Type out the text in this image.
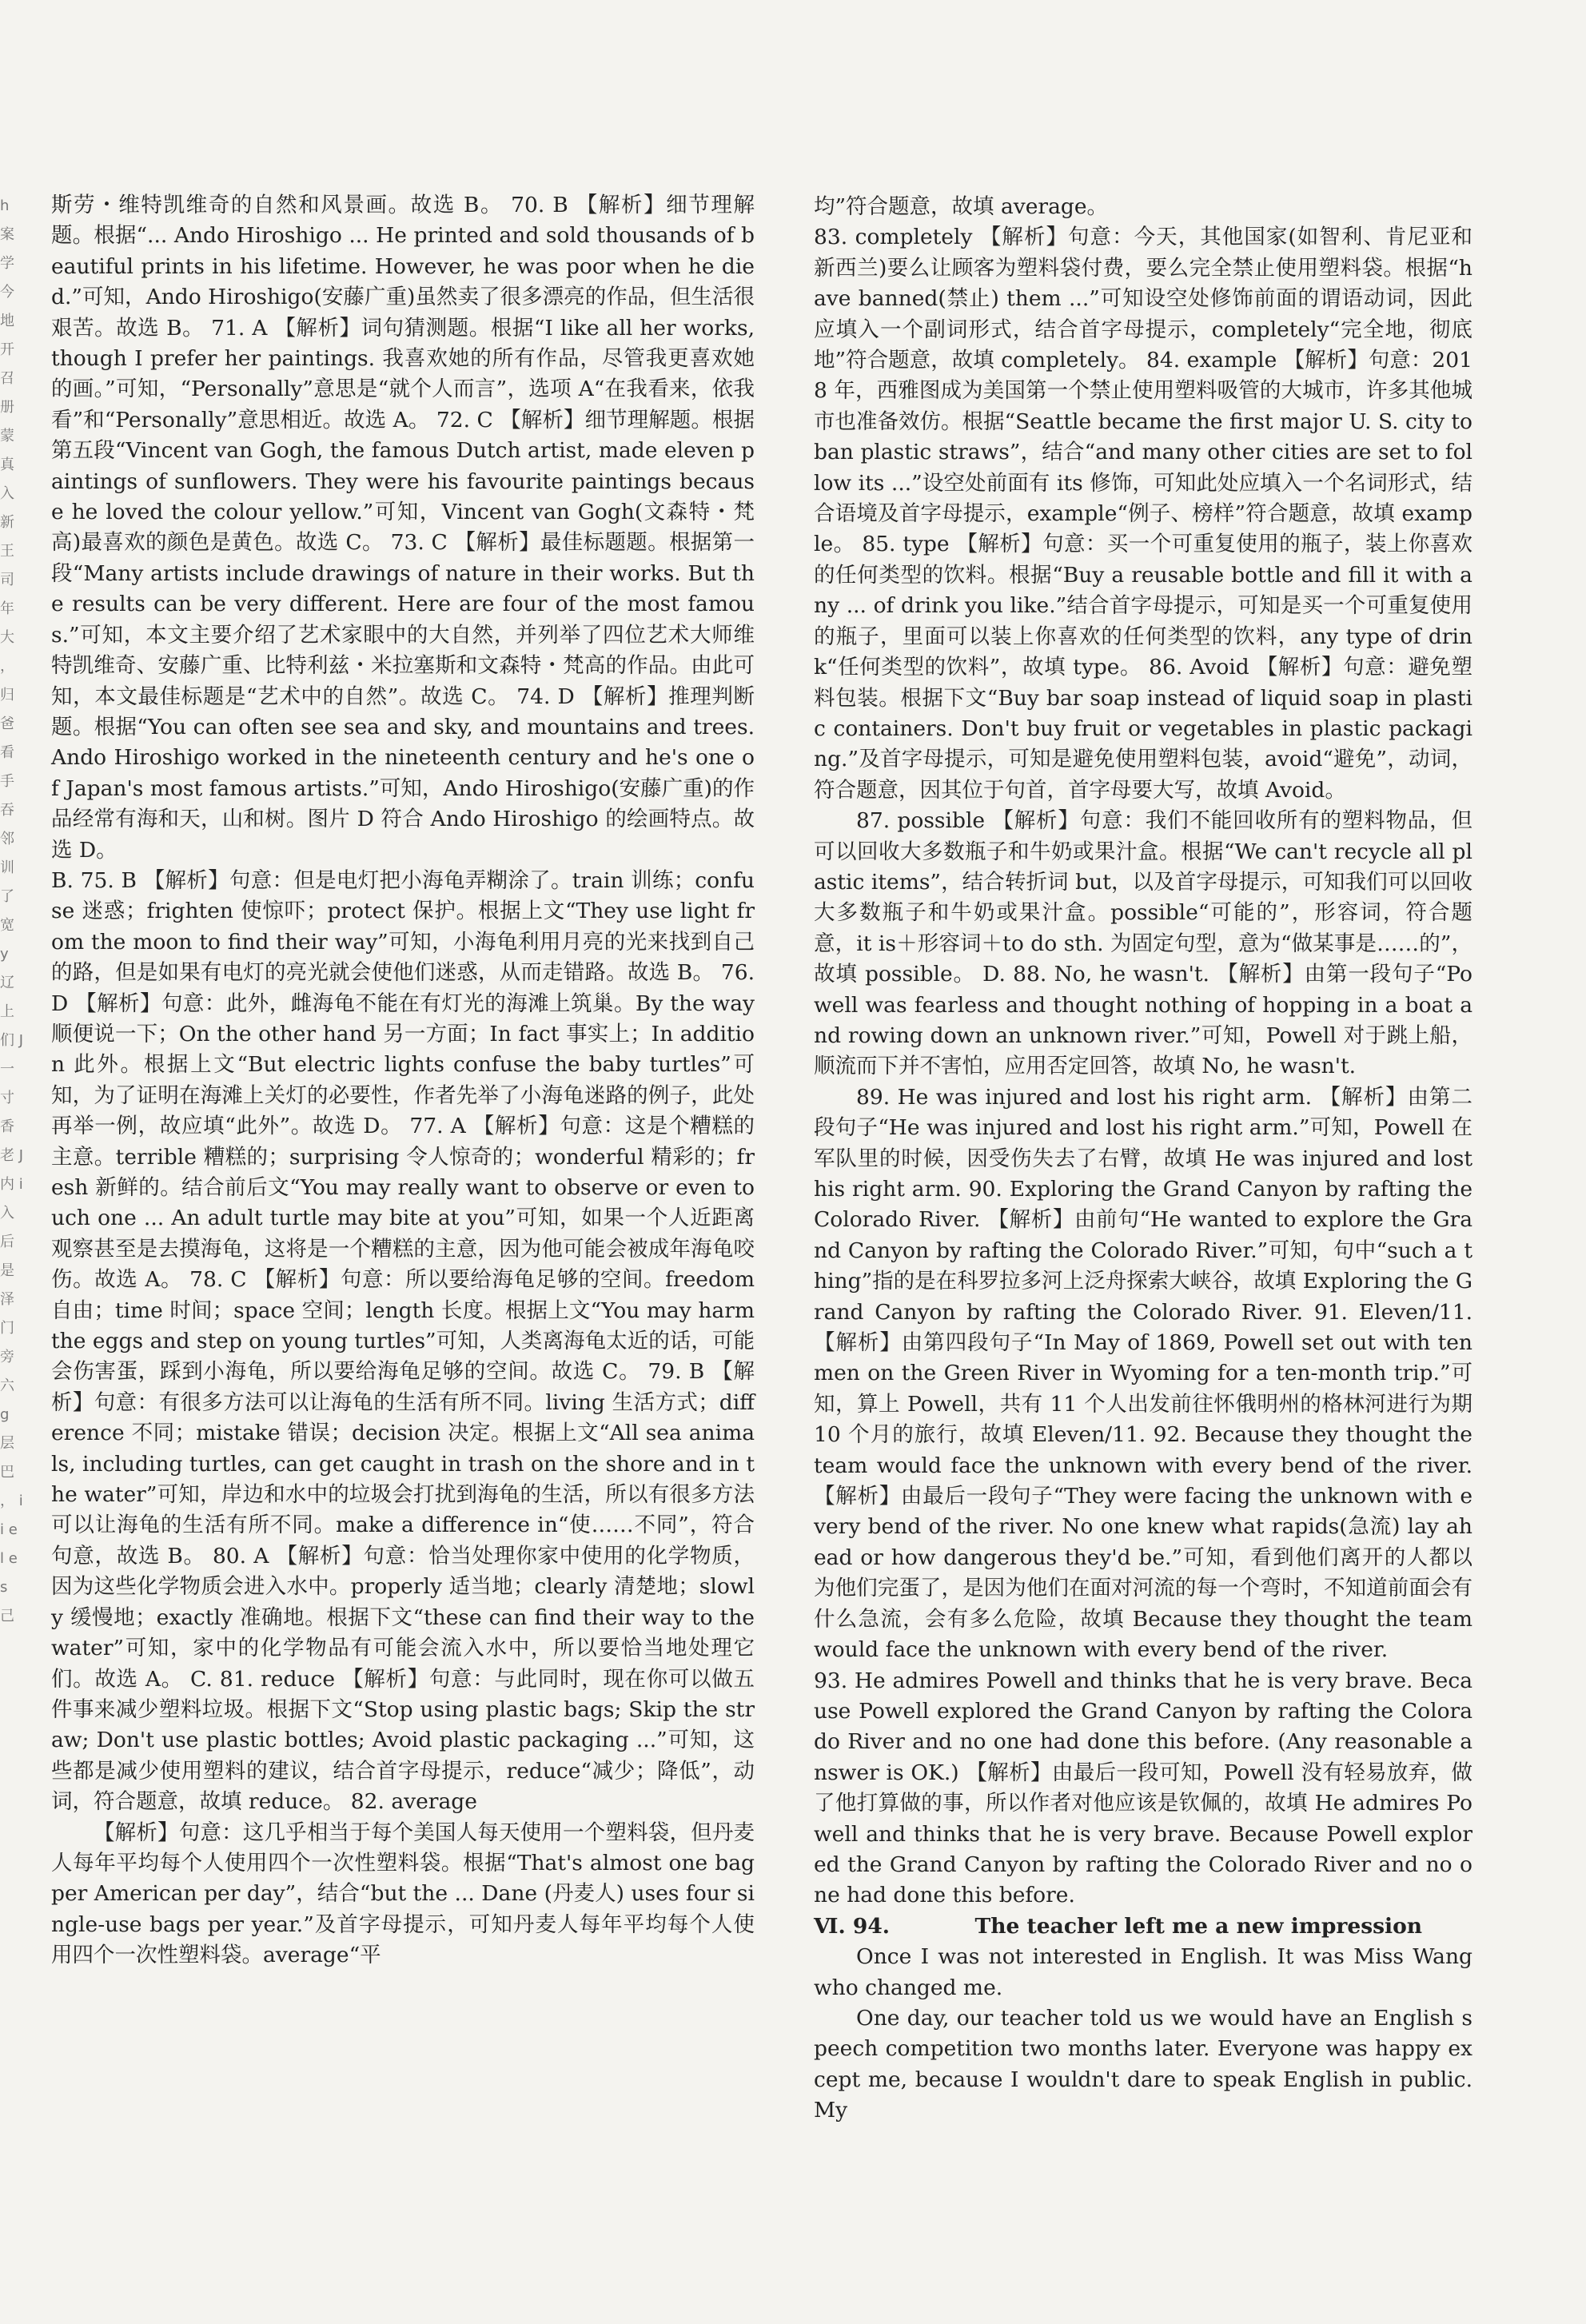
h 案 学 今 地 开 召 册 蒙 真 入 新 王 司 年 大 ， 归 爸 看 手 吞 邻 训 了 宽 y 辽 上 们 J 一 寸 香 老 J 内 i 入 后 是 泽 门 旁 六 g 层 巴 ， i i e l e s 己

斯劳・维特凯维奇的自然和风景画。故选 B。 70. B 【解析】细节理解题。根据“... Ando Hiroshigo ... He printed and sold thousands of beautiful prints in his lifetime. However, he was poor when he died.”可知，Ando Hiroshigo(安藤广重)虽然卖了很多漂亮的作品，但生活很艰苦。故选 B。 71. A 【解析】词句猜测题。根据“I like all her works, though I prefer her paintings. 我喜欢她的所有作品，尽管我更喜欢她的画。”可知，“Personally”意思是“就个人而言”，选项 A“在我看来，依我看”和“Personally”意思相近。故选 A。 72. C 【解析】细节理解题。根据第五段“Vincent van Gogh, the famous Dutch artist, made eleven paintings of sunflowers. They were his favourite paintings because he loved the colour yellow.”可知，Vincent van Gogh(文森特・梵高)最喜欢的颜色是黄色。故选 C。 73. C 【解析】最佳标题题。根据第一段“Many artists include drawings of nature in their works. But the results can be very different. Here are four of the most famous.”可知，本文主要介绍了艺术家眼中的大自然，并列举了四位艺术大师维特凯维奇、安藤广重、比特利兹・米拉塞斯和文森特・梵高的作品。由此可知，本文最佳标题是“艺术中的自然”。故选 C。 74. D 【解析】推理判断题。根据“You can often see sea and sky, and mountains and trees. Ando Hiroshigo worked in the nineteenth century and he's one of Japan's most famous artists.”可知，Ando Hiroshigo(安藤广重)的作品经常有海和天，山和树。图片 D 符合 Ando Hiroshigo 的绘画特点。故选 D。

B. 75. B 【解析】句意：但是电灯把小海龟弄糊涂了。train 训练；confuse 迷惑；frighten 使惊吓；protect 保护。根据上文“They use light from the moon to find their way”可知，小海龟利用月亮的光来找到自己的路，但是如果有电灯的亮光就会使他们迷惑，从而走错路。故选 B。 76. D 【解析】句意：此外，雌海龟不能在有灯光的海滩上筑巢。By the way 顺便说一下；On the other hand 另一方面；In fact 事实上；In addition 此外。根据上文“But electric lights confuse the baby turtles”可知，为了证明在海滩上关灯的必要性，作者先举了小海龟迷路的例子，此处再举一例，故应填“此外”。故选 D。 77. A 【解析】句意：这是个糟糕的主意。terrible 糟糕的；surprising 令人惊奇的；wonderful 精彩的；fresh 新鲜的。结合前后文“You may really want to observe or even touch one ... An adult turtle may bite at you”可知，如果一个人近距离观察甚至是去摸海龟，这将是一个糟糕的主意，因为他可能会被成年海龟咬伤。故选 A。 78. C 【解析】句意：所以要给海龟足够的空间。freedom 自由；time 时间；space 空间；length 长度。根据上文“You may harm the eggs and step on young turtles”可知，人类离海龟太近的话，可能会伤害蛋，踩到小海龟，所以要给海龟足够的空间。故选 C。 79. B 【解析】句意：有很多方法可以让海龟的生活有所不同。living 生活方式；difference 不同；mistake 错误；decision 决定。根据上文“All sea animals, including turtles, can get caught in trash on the shore and in the water”可知，岸边和水中的垃圾会打扰到海龟的生活，所以有很多方法可以让海龟的生活有所不同。make a difference in“使……不同”，符合句意，故选 B。 80. A 【解析】句意：恰当处理你家中使用的化学物质，因为这些化学物质会进入水中。properly 适当地；clearly 清楚地；slowly 缓慢地；exactly 准确地。根据下文“these can find their way to the water”可知，家中的化学物品有可能会流入水中，所以要恰当地处理它们。故选 A。 C. 81. reduce 【解析】句意：与此同时，现在你可以做五件事来减少塑料垃圾。根据下文“Stop using plastic bags; Skip the straw; Don't use plastic bottles; Avoid plastic packaging ...”可知，这些都是减少使用塑料的建议，结合首字母提示，reduce“减少；降低”，动词，符合题意，故填 reduce。 82. average

【解析】句意：这几乎相当于每个美国人每天使用一个塑料袋，但丹麦人每年平均每个人使用四个一次性塑料袋。根据“That's almost one bag per American per day”，结合“but the ... Dane (丹麦人) uses four single-use bags per year.”及首字母提示，可知丹麦人每年平均每个人使用四个一次性塑料袋。average“平

均”符合题意，故填 average。

83. completely 【解析】句意：今天，其他国家(如智利、肯尼亚和新西兰)要么让顾客为塑料袋付费，要么完全禁止使用塑料袋。根据“have banned(禁止) them ...”可知设空处修饰前面的谓语动词，因此应填入一个副词形式，结合首字母提示，completely“完全地，彻底地”符合题意，故填 completely。 84. example 【解析】句意：2018 年，西雅图成为美国第一个禁止使用塑料吸管的大城市，许多其他城市也准备效仿。根据“Seattle became the first major U. S. city to ban plastic straws”，结合“and many other cities are set to follow its ...”设空处前面有 its 修饰，可知此处应填入一个名词形式，结合语境及首字母提示，example“例子、榜样”符合题意，故填 example。 85. type 【解析】句意：买一个可重复使用的瓶子，装上你喜欢的任何类型的饮料。根据“Buy a reusable bottle and fill it with any ... of drink you like.”结合首字母提示，可知是买一个可重复使用的瓶子，里面可以装上你喜欢的任何类型的饮料，any type of drink“任何类型的饮料”，故填 type。 86. Avoid 【解析】句意：避免塑料包装。根据下文“Buy bar soap instead of liquid soap in plastic containers. Don't buy fruit or vegetables in plastic packaging.”及首字母提示，可知是避免使用塑料包装，avoid“避免”，动词，符合题意，因其位于句首，首字母要大写，故填 Avoid。

87. possible 【解析】句意：我们不能回收所有的塑料物品，但可以回收大多数瓶子和牛奶或果汁盒。根据“We can't recycle all plastic items”，结合转折词 but，以及首字母提示，可知我们可以回收大多数瓶子和牛奶或果汁盒。possible“可能的”，形容词，符合题意，it is＋形容词＋to do sth. 为固定句型，意为“做某事是……的”，故填 possible。 D. 88. No, he wasn't. 【解析】由第一段句子“Powell was fearless and thought nothing of hopping in a boat and rowing down an unknown river.”可知，Powell 对于跳上船，顺流而下并不害怕，应用否定回答，故填 No, he wasn't.

89. He was injured and lost his right arm. 【解析】由第二段句子“He was injured and lost his right arm.”可知，Powell 在军队里的时候，因受伤失去了右臂，故填 He was injured and lost his right arm. 90. Exploring the Grand Canyon by rafting the Colorado River. 【解析】由前句“He wanted to explore the Grand Canyon by rafting the Colorado River.”可知，句中“such a thing”指的是在科罗拉多河上泛舟探索大峡谷，故填 Exploring the Grand Canyon by rafting the Colorado River. 91. Eleven/11. 【解析】由第四段句子“In May of 1869, Powell set out with ten men on the Green River in Wyoming for a ten-month trip.”可知，算上 Powell，共有 11 个人出发前往怀俄明州的格林河进行为期 10 个月的旅行，故填 Eleven/11. 92. Because they thought the team would face the unknown with every bend of the river. 【解析】由最后一段句子“They were facing the unknown with every bend of the river. No one knew what rapids(急流) lay ahead or how dangerous they'd be.”可知，看到他们离开的人都以为他们完蛋了，是因为他们在面对河流的每一个弯时，不知道前面会有什么急流，会有多么危险，故填 Because they thought the team would face the unknown with every bend of the river.

93. He admires Powell and thinks that he is very brave. Because Powell explored the Grand Canyon by rafting the Colorado River and no one had done this before. (Any reasonable answer is OK.) 【解析】由最后一段可知，Powell 没有轻易放弃，做了他打算做的事，所以作者对他应该是钦佩的，故填 He admires Powell and thinks that he is very brave. Because Powell explored the Grand Canyon by rafting the Colorado River and no one had done this before.

Ⅵ. 94.	The teacher left me a new impression

Once I was not interested in English. It was Miss Wang who changed me.

One day, our teacher told us we would have an English speech competition two months later. Everyone was happy except me, because I wouldn't dare to speak English in public. My
